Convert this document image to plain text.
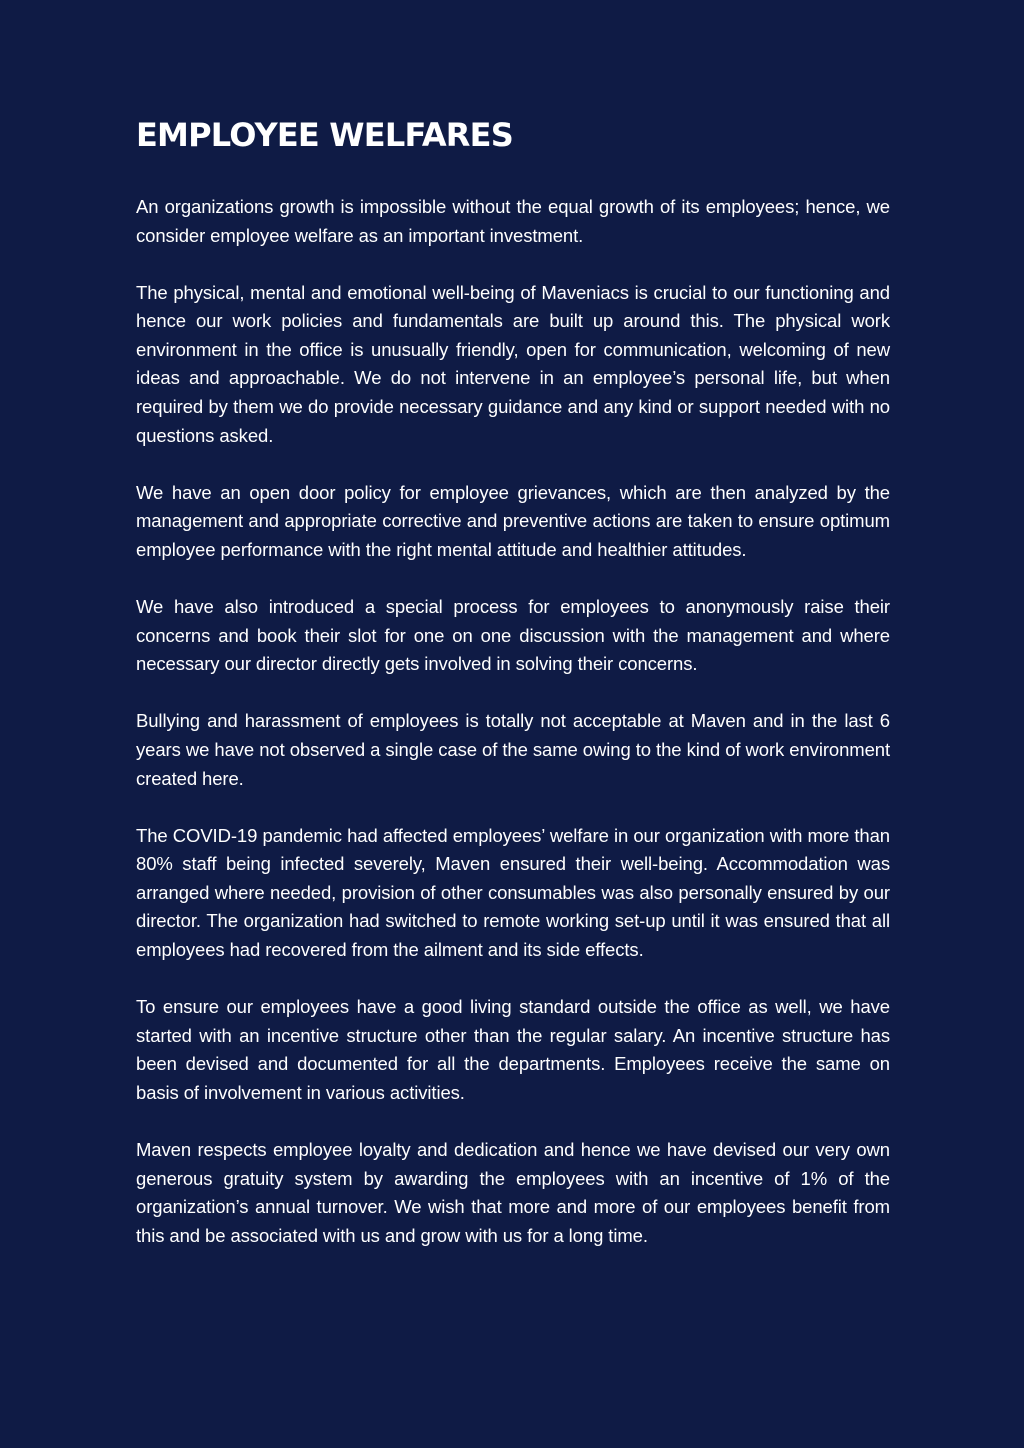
EMPLOYEE WELFARES

An organizations growth is impossible without the equal growth of its employees; hence, we consider employee welfare as an important investment.

The physical, mental and emotional well-being of Maveniacs is crucial to our functioning and hence our work policies and fundamentals are built up around this. The physical work environment in the office is unusually friendly, open for communication, welcoming of new ideas and approachable. We do not intervene in an employee’s personal life, but when required by them we do provide necessary guidance and any kind or support needed with no questions asked.

We have an open door policy for employee grievances, which are then analyzed by the management and appropriate corrective and preventive actions are taken to ensure optimum employee performance with the right mental attitude and healthier attitudes.

We have also introduced a special process for employees to anonymously raise their concerns and book their slot for one on one discussion with the management and where necessary our director directly gets involved in solving their concerns.

Bullying and harassment of employees is totally not acceptable at Maven and in the last 6 years we have not observed a single case of the same owing to the kind of work environment created here.

The COVID-19 pandemic had affected employees’ welfare in our organization with more than 80% staff being infected severely, Maven ensured their well-being. Accommodation was arranged where needed, provision of other consumables was also personally ensured by our director. The organization had switched to remote working set-up until it was ensured that all employees had recovered from the ailment and its side effects.

To ensure our employees have a good living standard outside the office as well, we have started with an incentive structure other than the regular salary. An incentive structure has been devised and documented for all the departments. Employees receive the same on basis of involvement in various activities.

Maven respects employee loyalty and dedication and hence we have devised our very own generous gratuity system by awarding the employees with an incentive of 1% of the organization’s annual turnover. We wish that more and more of our employees benefit from this and be associated with us and grow with us for a long time.
